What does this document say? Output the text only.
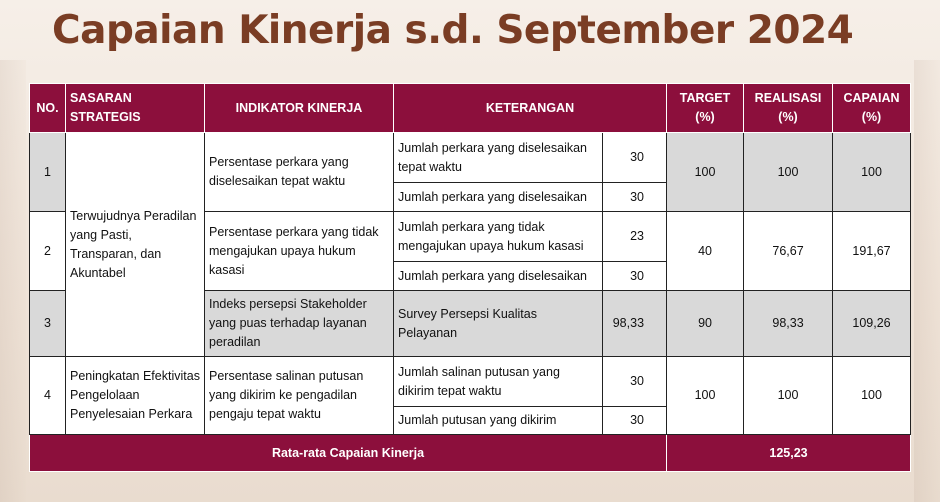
Capaian Kinerja s.d. September 2024
NO.	SASARAN STRATEGIS	INDIKATOR KINERJA	KETERANGAN		TARGET (%)	REALISASI (%)	CAPAIAN (%)
1	Terwujudnya Peradilan yang Pasti, Transparan, dan Akuntabel	Persentase perkara yang diselesaikan tepat waktu	Jumlah perkara yang diselesaikan tepat waktu	30	100	100	100
			Jumlah perkara yang diselesaikan	30			
2		Persentase perkara yang tidak mengajukan upaya hukum kasasi	Jumlah perkara yang tidak mengajukan upaya hukum kasasi	23	40	76,67	191,67
			Jumlah perkara yang diselesaikan	30			
3		Indeks persepsi Stakeholder yang puas terhadap layanan peradilan	Survey Persepsi Kualitas Pelayanan	98,33	90	98,33	109,26
4	Peningkatan Efektivitas Pengelolaan Penyelesaian Perkara	Persentase salinan putusan yang dikirim ke pengadilan pengaju tepat waktu	Jumlah salinan putusan yang dikirim tepat waktu	30	100	100	100
			Jumlah putusan yang dikirim	30			
Rata-rata Capaian Kinerja					125,23		
